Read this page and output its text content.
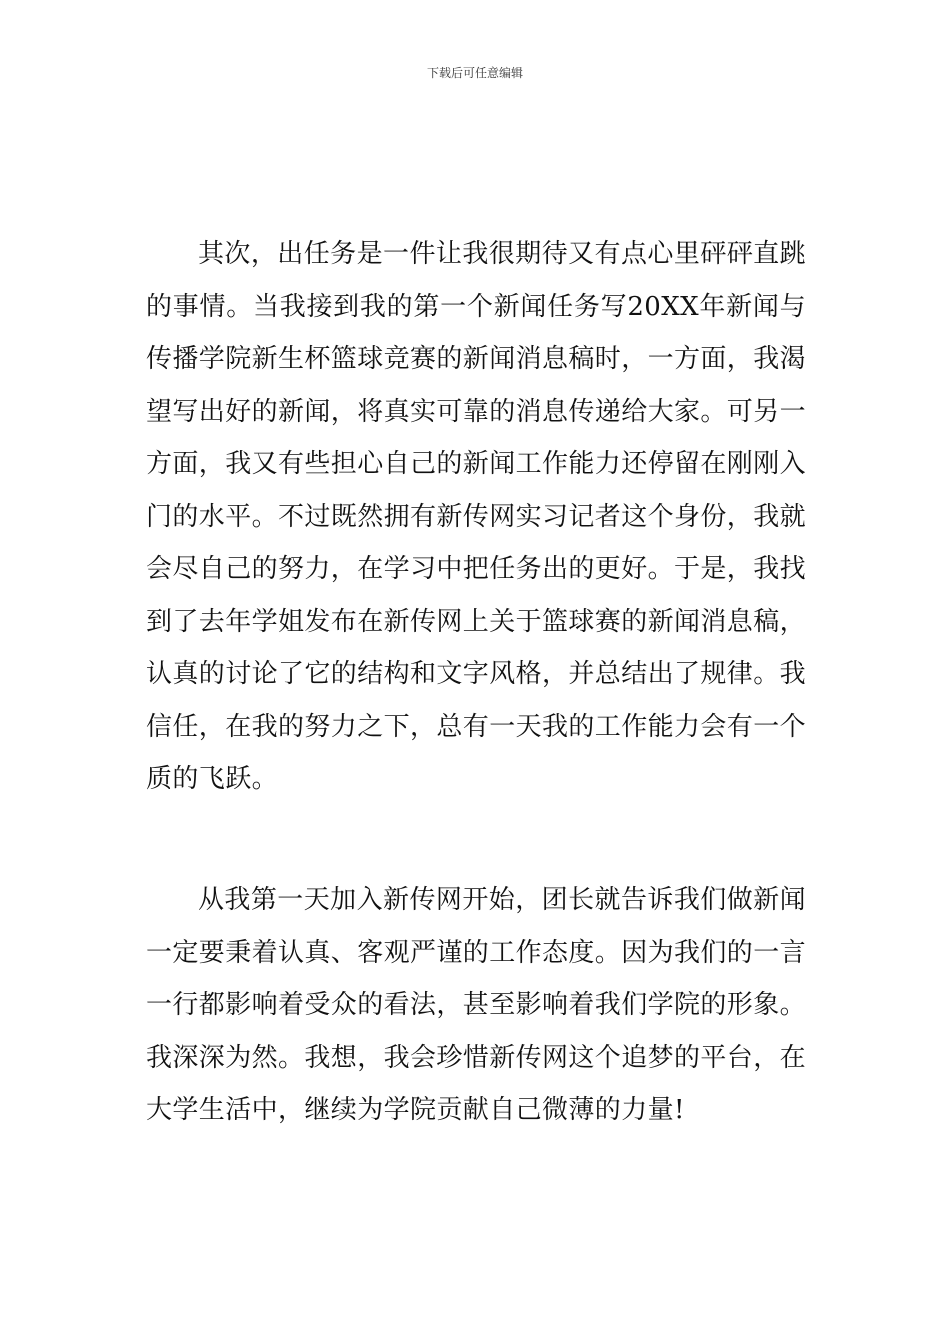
下载后可任意编辑

其次，出任务是一件让我很期待又有点心里砰砰直跳的事情。当我接到我的第一个新闻任务写20XX年新闻与传播学院新生杯篮球竞赛的新闻消息稿时，一方面，我渴望写出好的新闻，将真实可靠的消息传递给大家。可另一方面，我又有些担心自己的新闻工作能力还停留在刚刚入门的水平。不过既然拥有新传网实习记者这个身份，我就会尽自己的努力，在学习中把任务出的更好。于是，我找到了去年学姐发布在新传网上关于篮球赛的新闻消息稿，认真的讨论了它的结构和文字风格，并总结出了规律。我信任，在我的努力之下，总有一天我的工作能力会有一个质的飞跃。

从我第一天加入新传网开始，团长就告诉我们做新闻一定要秉着认真、客观严谨的工作态度。因为我们的一言一行都影响着受众的看法，甚至影响着我们学院的形象。我深深为然。我想，我会珍惜新传网这个追梦的平台，在大学生活中，继续为学院贡献自己微薄的力量!
